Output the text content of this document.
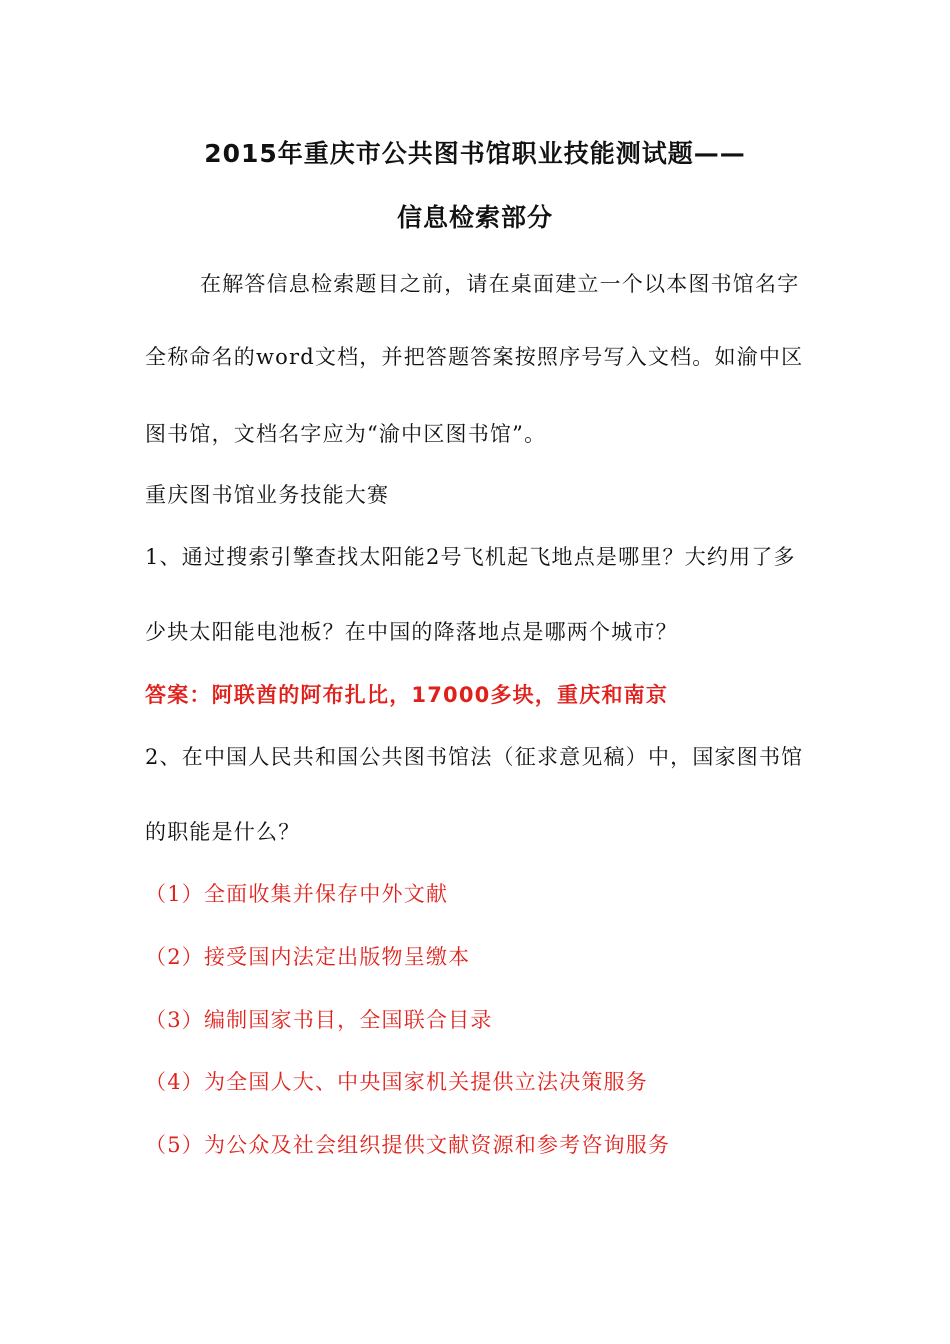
2015年重庆市公共图书馆职业技能测试题——
信息检索部分
在解答信息检索题目之前，请在桌面建立一个以本图书馆名字
全称命名的word文档，并把答题答案按照序号写入文档。如渝中区
图书馆，文档名字应为“渝中区图书馆”。
重庆图书馆业务技能大赛
1、通过搜索引擎查找太阳能2号飞机起飞地点是哪里？大约用了多
少块太阳能电池板？在中国的降落地点是哪两个城市？
答案：阿联酋的阿布扎比，17000多块，重庆和南京
2、在中国人民共和国公共图书馆法（征求意见稿）中，国家图书馆
的职能是什么？
（1）全面收集并保存中外文献
（2）接受国内法定出版物呈缴本
（3）编制国家书目，全国联合目录
（4）为全国人大、中央国家机关提供立法决策服务
（5）为公众及社会组织提供文献资源和参考咨询服务
